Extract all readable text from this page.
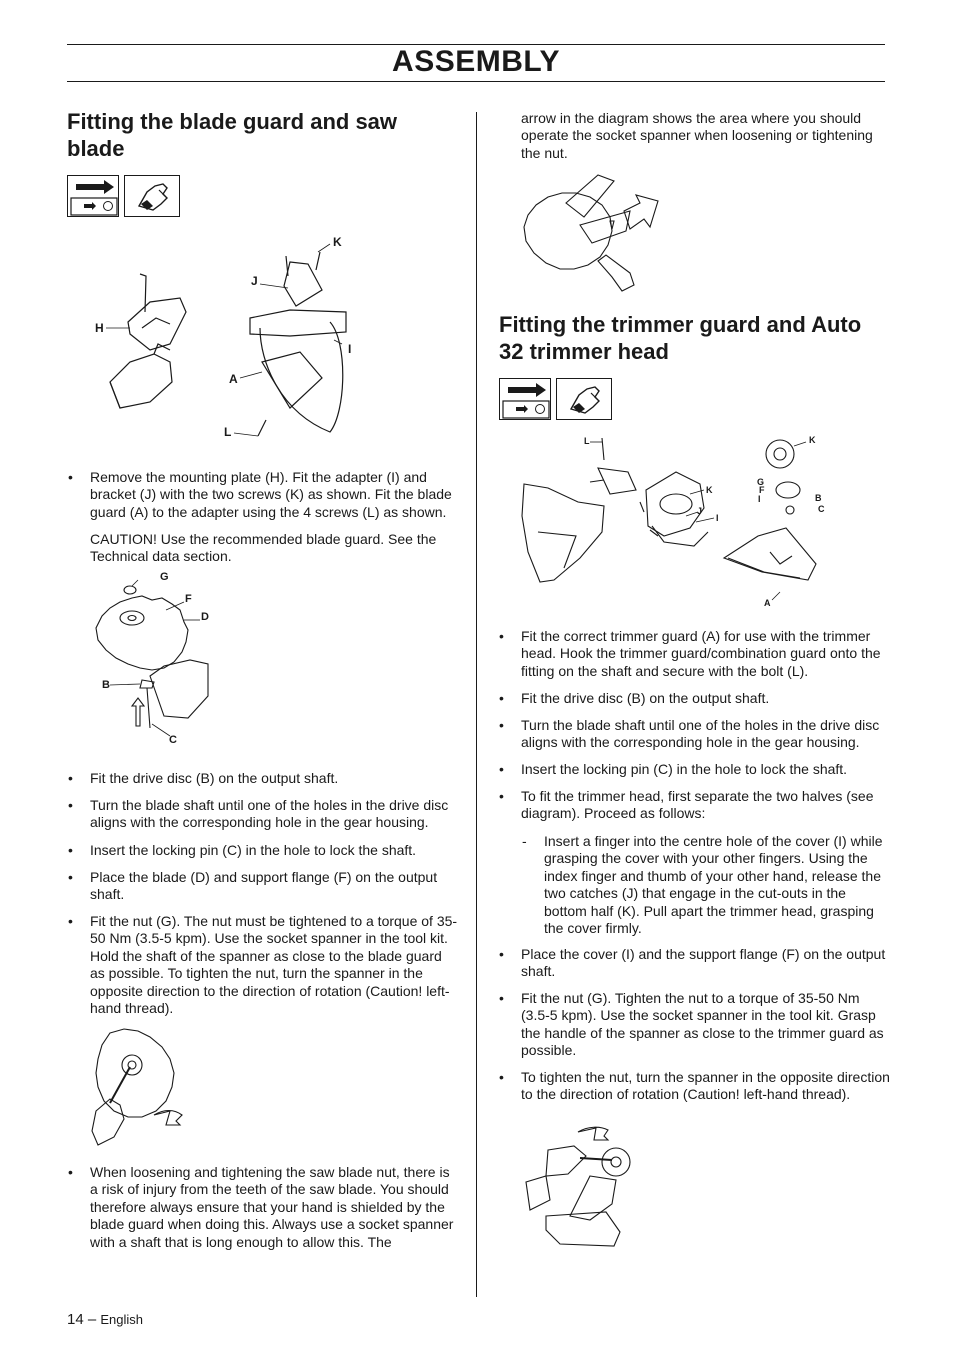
ASSEMBLY
Fitting the blade guard and saw blade
K
J
H
I
A
L
• Remove the mounting plate (H). Fit the adapter (I) and bracket (J) with the two screws (K) as shown. Fit the blade guard (A) to the adapter using the 4 screws (L) as shown.

CAUTION! Use the recommended blade guard. See the Technical data section.

G
F
D
B
C
• Fit the drive disc (B) on the output shaft.
• Turn the blade shaft until one of the holes in the drive disc aligns with the corresponding hole in the gear housing.
• Insert the locking pin (C) in the hole to lock the shaft.
• Place the blade (D) and support flange (F) on the output shaft.
• Fit the nut (G). The nut must be tightened to a torque of 35-50 Nm (3.5-5 kpm). Use the socket spanner in the tool kit. Hold the shaft of the spanner as close to the blade guard as possible. To tighten the nut, turn the spanner in the opposite direction to the direction of rotation (Caution! left-hand thread).
• When loosening and tightening the saw blade nut, there is a risk of injury from the teeth of the saw blade. You should therefore always ensure that your hand is shielded by the blade guard when doing this. Always use a socket spanner with a shaft that is long enough to allow this. The

arrow in the diagram shows the area where you should operate the socket spanner when loosening or tightening the nut.

Fitting the trimmer guard and Auto 32 trimmer head
L
K
J
I
K
G
F
I	B
C
A
• Fit the correct trimmer guard (A) for use with the trimmer head. Hook the trimmer guard/combination guard onto the fitting on the shaft and secure with the bolt (L).
• Fit the drive disc (B) on the output shaft.
• Turn the blade shaft until one of the holes in the drive disc aligns with the corresponding hole in the gear housing.
• Insert the locking pin (C) in the hole to lock the shaft.
• To fit the trimmer head, first separate the two halves (see diagram). Proceed as follows:
- Insert a finger into the centre hole of the cover (I) while grasping the cover with your other fingers. Using the index finger and thumb of your other hand, release the two catches (J) that engage in the cut-outs in the bottom half (K). Pull apart the trimmer head, grasping the cover firmly.
• Place the cover (I) and the support flange (F) on the output shaft.
• Fit the nut (G). Tighten the nut to a torque of 35-50 Nm (3.5-5 kpm). Use the socket spanner in the tool kit. Grasp the handle of the spanner as close to the trimmer guard as possible.
• To tighten the nut, turn the spanner in the opposite direction to the direction of rotation (Caution! left-hand thread).
14 – English
